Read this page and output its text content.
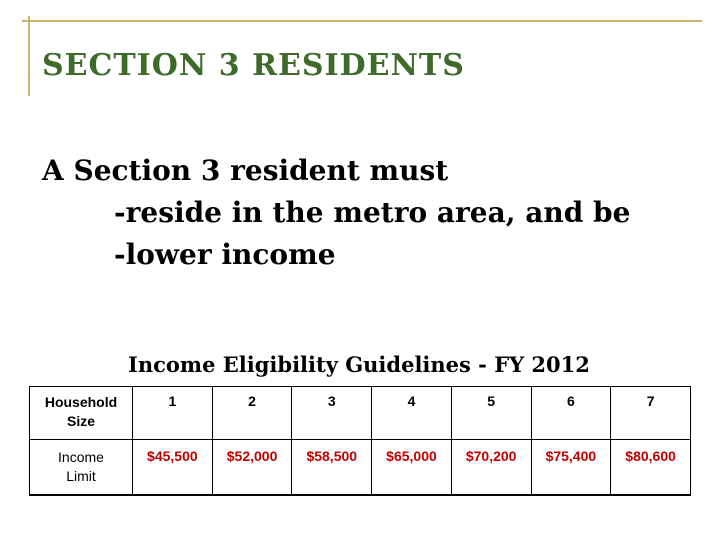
SECTION 3 RESIDENTS
A Section 3 resident must
-reside in the metro area, and be
-lower income
Income Eligibility Guidelines - FY 2012
Household
Size	1	2	3	4	5	6	7

Income
Limit	$45,500	$52,000	$58,500	$65,000	$70,200	$75,400	$80,600
